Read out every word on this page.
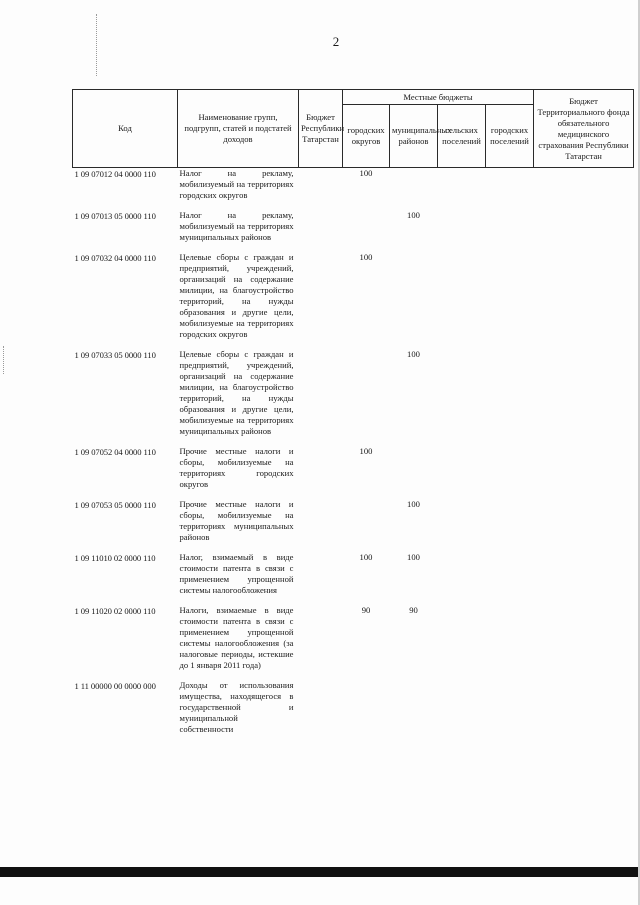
2
Код	Наименование групп, подгрупп, статей и подстатей доходов	Бюджет Республики Татарстан	Местные бюджеты				Бюджет Территориального фонда обязательного медицинского страхования Республики Татарстан
			городских округов	муниципальных районов	сельских поселений	городских поселений	
1 09 07012 04 0000 110	Налог на рекламу, мобилизуемый на территориях городских округов		100				
1 09 07013 05 0000 110	Налог на рекламу, мобилизуемый на территориях муниципальных районов			100			
1 09 07032 04 0000 110	Целевые сборы с граждан и предприятий, учреждений, организаций на содержание милиции, на благоустройство территорий, на нужды образования и другие цели, мобилизуемые на территориях городских округов		100				
1 09 07033 05 0000 110	Целевые сборы с граждан и предприятий, учреждений, организаций на содержание милиции, на благоустройство территорий, на нужды образования и другие цели, мобилизуемые на территориях муниципальных районов			100			
1 09 07052 04 0000 110	Прочие местные налоги и сборы, мобилизуемые на территориях городских округов		100				
1 09 07053 05 0000 110	Прочие местные налоги и сборы, мобилизуемые на территориях муниципальных районов			100			
1 09 11010 02 0000 110	Налог, взимаемый в виде стоимости патента в связи с применением упрощенной системы налогообложения		100	100			
1 09 11020 02 0000 110	Налоги, взимаемые в виде стоимости патента в связи с применением упрощенной системы налогообложения (за налоговые периоды, истекшие до 1 января 2011 года)		90	90			
1 11 00000 00 0000 000	Доходы от использования имущества, находящегося в государственной и муниципальной собственности						
